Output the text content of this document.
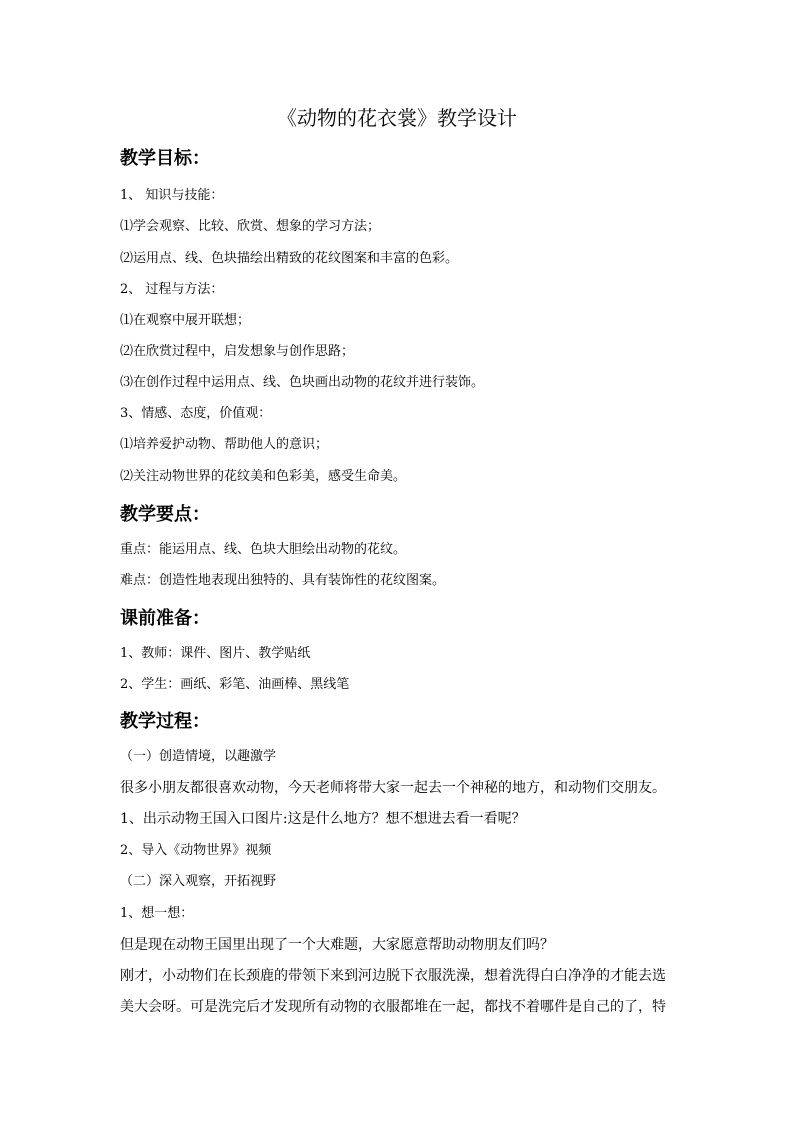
《动物的花衣裳》教学设计
教学目标：
1、 知识与技能：
⑴学会观察、比较、欣赏、想象的学习方法；
⑵运用点、线、色块描绘出精致的花纹图案和丰富的色彩。
2、 过程与方法：
⑴在观察中展开联想；
⑵在欣赏过程中，启发想象与创作思路；
⑶在创作过程中运用点、线、色块画出动物的花纹并进行装饰。
3、情感、态度，价值观：
⑴培养爱护动物、帮助他人的意识；
⑵关注动物世界的花纹美和色彩美，感受生命美。
教学要点：
重点：能运用点、线、色块大胆绘出动物的花纹。
难点：创造性地表现出独特的、具有装饰性的花纹图案。
课前准备：
1、教师：课件、图片、教学贴纸
2、学生：画纸、彩笔、油画棒、黑线笔
教学过程：
（一）创造情境，以趣激学
很多小朋友都很喜欢动物，今天老师将带大家一起去一个神秘的地方，和动物们交朋友。
1、出示动物王国入口图片:这是什么地方？想不想进去看一看呢？
2、导入《动物世界》视频
（二）深入观察，开拓视野
1、想一想：
但是现在动物王国里出现了一个大难题，大家愿意帮助动物朋友们吗？
刚才，小动物们在长颈鹿的带领下来到河边脱下衣服洗澡，想着洗得白白净净的才能去选
美大会呀。可是洗完后才发现所有动物的衣服都堆在一起，都找不着哪件是自己的了，特
